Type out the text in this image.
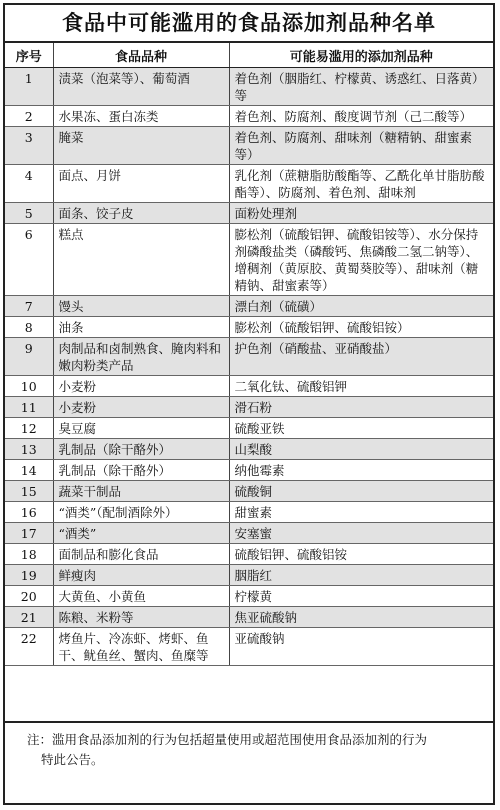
食品中可能滥用的食品添加剂品种名单
序号	食品品种	可能易滥用的添加剂品种
1	渍菜（泡菜等）、葡萄酒	着色剂（胭脂红、柠檬黄、诱惑红、日落黄）等
2	水果冻、蛋白冻类	着色剂、防腐剂、酸度调节剂（己二酸等）
3	腌菜	着色剂、防腐剂、甜味剂（糖精钠、甜蜜素等）
4	面点、月饼	乳化剂（蔗糖脂肪酸酯等、乙酰化单甘脂肪酸酯等）、防腐剂、着色剂、甜味剂
5	面条、饺子皮	面粉处理剂
6	糕点	膨松剂（硫酸铝钾、硫酸铝铵等）、水分保持剂磷酸盐类（磷酸钙、焦磷酸二氢二钠等）、增稠剂（黄原胶、黄蜀葵胶等）、甜味剂（糖精钠、甜蜜素等）
7	馒头	漂白剂（硫磺）
8	油条	膨松剂（硫酸铝钾、硫酸铝铵）
9	肉制品和卤制熟食、腌肉料和嫩肉粉类产品	护色剂（硝酸盐、亚硝酸盐）
10	小麦粉	二氧化钛、硫酸铝钾
11	小麦粉	滑石粉
12	臭豆腐	硫酸亚铁
13	乳制品（除干酪外）	山梨酸
14	乳制品（除干酪外）	纳他霉素
15	蔬菜干制品	硫酸铜
16	“酒类”（配制酒除外）	甜蜜素
17	“酒类”	安塞蜜
18	面制品和膨化食品	硫酸铝钾、硫酸铝铵
19	鲜瘦肉	胭脂红
20	大黄鱼、小黄鱼	柠檬黄
21	陈粮、米粉等	焦亚硫酸钠
22	烤鱼片、冷冻虾、烤虾、鱼干、鱿鱼丝、蟹肉、鱼糜等	亚硫酸钠
注：滥用食品添加剂的行为包括超量使用或超范围使用食品添加剂的行为
特此公告。
